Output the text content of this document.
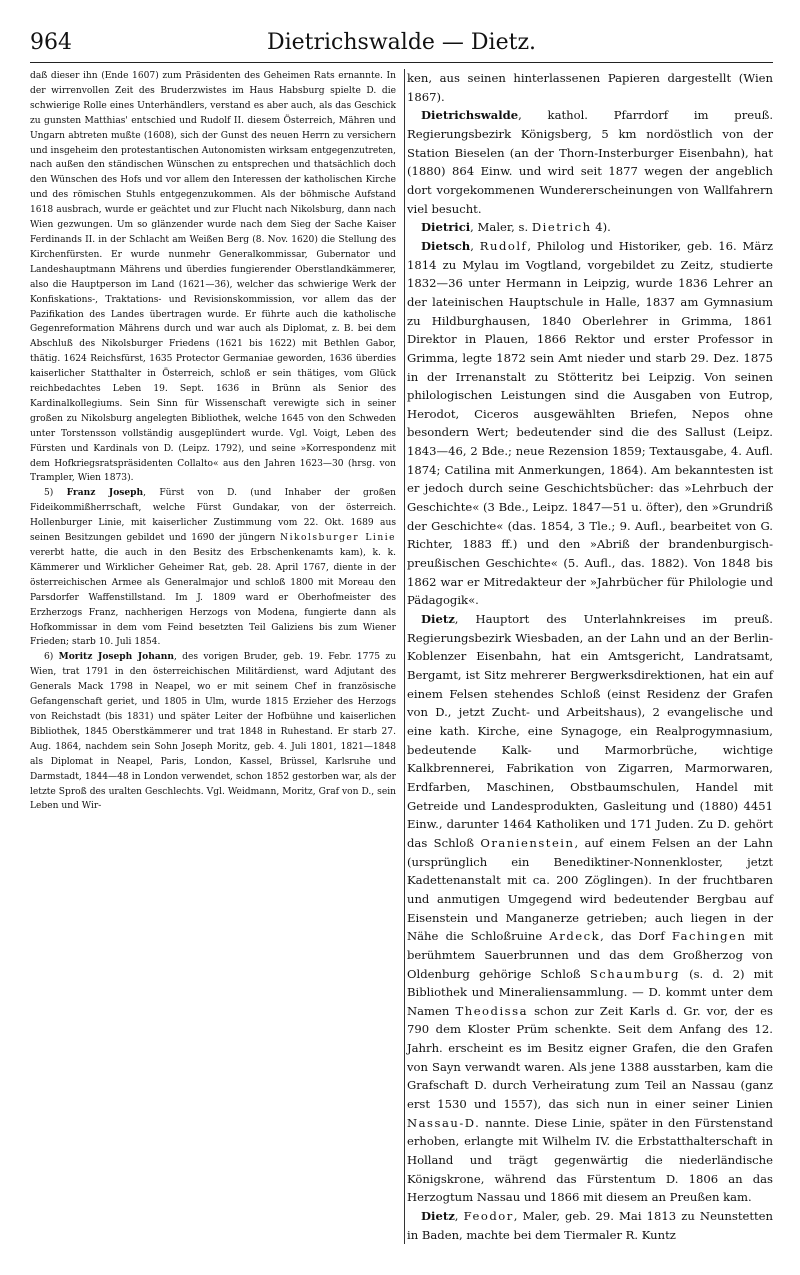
964	Dietrichswalde — Dietz.

daß dieser ihn (Ende 1607) zum Präsidenten des Geheimen Rats ernannte. In der wirrenvollen Zeit des Bruderzwistes im Haus Habsburg spielte D. die schwierige Rolle eines Unterhändlers, verstand es aber auch, als das Geschick zu gunsten Matthias' entschied und Rudolf II. diesem Österreich, Mähren und Ungarn abtreten mußte (1608), sich der Gunst des neuen Herrn zu versichern und insgeheim den protestantischen Autonomisten wirksam entgegenzutreten, nach außen den ständischen Wünschen zu entsprechen und thatsächlich doch den Wünschen des Hofs und vor allem den Interessen der katholischen Kirche und des römischen Stuhls entgegenzukommen. Als der böhmische Aufstand 1618 ausbrach, wurde er geächtet und zur Flucht nach Nikolsburg, dann nach Wien gezwungen. Um so glänzender wurde nach dem Sieg der Sache Kaiser Ferdinands II. in der Schlacht am Weißen Berg (8. Nov. 1620) die Stellung des Kirchenfürsten. Er wurde nunmehr Generalkommissar, Gubernator und Landeshauptmann Mährens und überdies fungierender Oberstlandkämmerer, also die Hauptperson im Land (1621—36), welcher das schwierige Werk der Konfiskations-, Traktations- und Revisionskommission, vor allem das der Pazifikation des Landes übertragen wurde. Er führte auch die katholische Gegenreformation Mährens durch und war auch als Diplomat, z. B. bei dem Abschluß des Nikolsburger Friedens (1621 bis 1622) mit Bethlen Gabor, thätig. 1624 Reichsfürst, 1635 Protector Germaniae geworden, 1636 überdies kaiserlicher Statthalter in Österreich, schloß er sein thätiges, vom Glück reichbedachtes Leben 19. Sept. 1636 in Brünn als Senior des Kardinalkollegiums. Sein Sinn für Wissenschaft verewigte sich in seiner großen zu Nikolsburg angelegten Bibliothek, welche 1645 von den Schweden unter Torstensson vollständig ausgeplündert wurde. Vgl. Voigt, Leben des Fürsten und Kardinals von D. (Leipz. 1792), und seine »Korrespondenz mit dem Hofkriegsratspräsidenten Collalto« aus den Jahren 1623—30 (hrsg. von Trampler, Wien 1873).

5) Franz Joseph, Fürst von D. (und Inhaber der großen Fideikommißherrschaft, welche Fürst Gundakar, von der österreich. Hollenburger Linie, mit kaiserlicher Zustimmung vom 22. Okt. 1689 aus seinen Besitzungen gebildet und 1690 der jüngern Nikolsburger Linie vererbt hatte, die auch in den Besitz des Erbschenkenamts kam), k. k. Kämmerer und Wirklicher Geheimer Rat, geb. 28. April 1767, diente in der österreichischen Armee als Generalmajor und schloß 1800 mit Moreau den Parsdorfer Waffenstillstand. Im J. 1809 ward er Oberhofmeister des Erzherzogs Franz, nachherigen Herzogs von Modena, fungierte dann als Hofkommissar in dem vom Feind besetzten Teil Galiziens bis zum Wiener Frieden; starb 10. Juli 1854.

6) Moritz Joseph Johann, des vorigen Bruder, geb. 19. Febr. 1775 zu Wien, trat 1791 in den österreichischen Militärdienst, ward Adjutant des Generals Mack 1798 in Neapel, wo er mit seinem Chef in französische Gefangenschaft geriet, und 1805 in Ulm, wurde 1815 Erzieher des Herzogs von Reichstadt (bis 1831) und später Leiter der Hofbühne und kaiserlichen Bibliothek, 1845 Oberstkämmerer und trat 1848 in Ruhestand. Er starb 27. Aug. 1864, nachdem sein Sohn Joseph Moritz, geb. 4. Juli 1801, 1821—1848 als Diplomat in Neapel, Paris, London, Kassel, Brüssel, Karlsruhe und Darmstadt, 1844—48 in London verwendet, schon 1852 gestorben war, als der letzte Sproß des uralten Geschlechts. Vgl. Weidmann, Moritz, Graf von D., sein Leben und Wir-

ken, aus seinen hinterlassenen Papieren dargestellt (Wien 1867).

Dietrichswalde, kathol. Pfarrdorf im preuß. Regierungsbezirk Königsberg, 5 km nordöstlich von der Station Bieselen (an der Thorn-Insterburger Eisenbahn), hat (1880) 864 Einw. und wird seit 1877 wegen der angeblich dort vorgekommenen Wundererscheinungen von Wallfahrern viel besucht.

Dietrici, Maler, s. Dietrich 4).

Dietsch, Rudolf, Philolog und Historiker, geb. 16. März 1814 zu Mylau im Vogtland, vorgebildet zu Zeitz, studierte 1832—36 unter Hermann in Leipzig, wurde 1836 Lehrer an der lateinischen Hauptschule in Halle, 1837 am Gymnasium zu Hildburghausen, 1840 Oberlehrer in Grimma, 1861 Direktor in Plauen, 1866 Rektor und erster Professor in Grimma, legte 1872 sein Amt nieder und starb 29. Dez. 1875 in der Irrenanstalt zu Stötteritz bei Leipzig. Von seinen philologischen Leistungen sind die Ausgaben von Eutrop, Herodot, Ciceros ausgewählten Briefen, Nepos ohne besondern Wert; bedeutender sind die des Sallust (Leipz. 1843—46, 2 Bde.; neue Rezension 1859; Textausgabe, 4. Aufl. 1874; Catilina mit Anmerkungen, 1864). Am bekanntesten ist er jedoch durch seine Geschichtsbücher: das »Lehrbuch der Geschichte« (3 Bde., Leipz. 1847—51 u. öfter), den »Grundriß der Geschichte« (das. 1854, 3 Tle.; 9. Aufl., bearbeitet von G. Richter, 1883 ff.) und den »Abriß der brandenburgisch-preußischen Geschichte« (5. Aufl., das. 1882). Von 1848 bis 1862 war er Mitredakteur der »Jahrbücher für Philologie und Pädagogik«.

Dietz, Hauptort des Unterlahnkreises im preuß. Regierungsbezirk Wiesbaden, an der Lahn und an der Berlin-Koblenzer Eisenbahn, hat ein Amtsgericht, Landratsamt, Bergamt, ist Sitz mehrerer Bergwerksdirektionen, hat ein auf einem Felsen stehendes Schloß (einst Residenz der Grafen von D., jetzt Zucht- und Arbeitshaus), 2 evangelische und eine kath. Kirche, eine Synagoge, ein Realprogymnasium, bedeutende Kalk- und Marmorbrüche, wichtige Kalkbrennerei, Fabrikation von Zigarren, Marmorwaren, Erdfarben, Maschinen, Obstbaumschulen, Handel mit Getreide und Landesprodukten, Gasleitung und (1880) 4451 Einw., darunter 1464 Katholiken und 171 Juden. Zu D. gehört das Schloß Oranienstein, auf einem Felsen an der Lahn (ursprünglich ein Benediktiner-Nonnenkloster, jetzt Kadettenanstalt mit ca. 200 Zöglingen). In der fruchtbaren und anmutigen Umgegend wird bedeutender Bergbau auf Eisenstein und Manganerze getrieben; auch liegen in der Nähe die Schloßruine Ardeck, das Dorf Fachingen mit berühmtem Sauerbrunnen und das dem Großherzog von Oldenburg gehörige Schloß Schaumburg (s. d. 2) mit Bibliothek und Mineraliensammlung. — D. kommt unter dem Namen Theodissa schon zur Zeit Karls d. Gr. vor, der es 790 dem Kloster Prüm schenkte. Seit dem Anfang des 12. Jahrh. erscheint es im Besitz eigner Grafen, die den Grafen von Sayn verwandt waren. Als jene 1388 ausstarben, kam die Grafschaft D. durch Verheiratung zum Teil an Nassau (ganz erst 1530 und 1557), das sich nun in einer seiner Linien Nassau-D. nannte. Diese Linie, später in den Fürstenstand erhoben, erlangte mit Wilhelm IV. die Erbstatthalterschaft in Holland und trägt gegenwärtig die niederländische Königskrone, während das Fürstentum D. 1806 an das Herzogtum Nassau und 1866 mit diesem an Preußen kam.

Dietz, Feodor, Maler, geb. 29. Mai 1813 zu Neunstetten in Baden, machte bei dem Tiermaler R. Kuntz
